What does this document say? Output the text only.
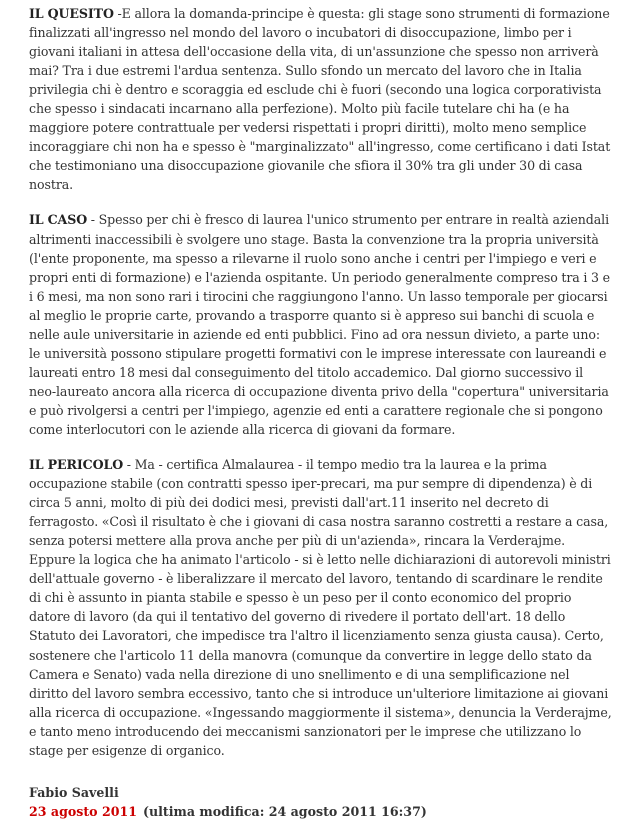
IL QUESITO -E allora la domanda-principe è questa: gli stage sono strumenti di formazione finalizzati all'ingresso nel mondo del lavoro o incubatori di disoccupazione, limbo per i giovani italiani in attesa dell'occasione della vita, di un'assunzione che spesso non arriverà mai? Tra i due estremi l'ardua sentenza. Sullo sfondo un mercato del lavoro che in Italia privilegia chi è dentro e scoraggia ed esclude chi è fuori (secondo una logica corporativista che spesso i sindacati incarnano alla perfezione). Molto più facile tutelare chi ha (e ha maggiore potere contrattuale per vedersi rispettati i propri diritti), molto meno semplice incoraggiare chi non ha e spesso è "marginalizzato" all'ingresso, come certificano i dati Istat che testimoniano una disoccupazione giovanile che sfiora il 30% tra gli under 30 di casa nostra.

IL CASO - Spesso per chi è fresco di laurea l'unico strumento per entrare in realtà aziendali altrimenti inaccessibili è svolgere uno stage. Basta la convenzione tra la propria università (l'ente proponente, ma spesso a rilevarne il ruolo sono anche i centri per l'impiego e veri e propri enti di formazione) e l'azienda ospitante. Un periodo generalmente compreso tra i 3 e i 6 mesi, ma non sono rari i tirocini che raggiungono l'anno. Un lasso temporale per giocarsi al meglio le proprie carte, provando a trasporre quanto si è appreso sui banchi di scuola e nelle aule universitarie in aziende ed enti pubblici. Fino ad ora nessun divieto, a parte uno: le università possono stipulare progetti formativi con le imprese interessate con laureandi e laureati entro 18 mesi dal conseguimento del titolo accademico. Dal giorno successivo il neo-laureato ancora alla ricerca di occupazione diventa privo della "copertura" universitaria e può rivolgersi a centri per l'impiego, agenzie ed enti a carattere regionale che si pongono come interlocutori con le aziende alla ricerca di giovani da formare.

IL PERICOLO - Ma - certifica Almalaurea - il tempo medio tra la laurea e la prima occupazione stabile (con contratti spesso iper-precari, ma pur sempre di dipendenza) è di circa 5 anni, molto di più dei dodici mesi, previsti dall'art.11 inserito nel decreto di ferragosto. «Così il risultato è che i giovani di casa nostra saranno costretti a restare a casa, senza potersi mettere alla prova anche per più di un'azienda», rincara la Verderajme. Eppure la logica che ha animato l'articolo - si è letto nelle dichiarazioni di autorevoli ministri dell'attuale governo - è liberalizzare il mercato del lavoro, tentando di scardinare le rendite di chi è assunto in pianta stabile e spesso è un peso per il conto economico del proprio datore di lavoro (da qui il tentativo del governo di rivedere il portato dell'art. 18 dello Statuto dei Lavoratori, che impedisce tra l'altro il licenziamento senza giusta causa). Certo, sostenere che l'articolo 11 della manovra (comunque da convertire in legge dello stato da Camera e Senato) vada nella direzione di uno snellimento e di una semplificazione nel diritto del lavoro sembra eccessivo, tanto che si introduce un'ulteriore limitazione ai giovani alla ricerca di occupazione. «Ingessando maggiormente il sistema», denuncia la Verderajme, e tanto meno introducendo dei meccanismi sanzionatori per le imprese che utilizzano lo stage per esigenze di organico.

Fabio Savelli
23 agosto 2011 (ultima modifica: 24 agosto 2011 16:37)
